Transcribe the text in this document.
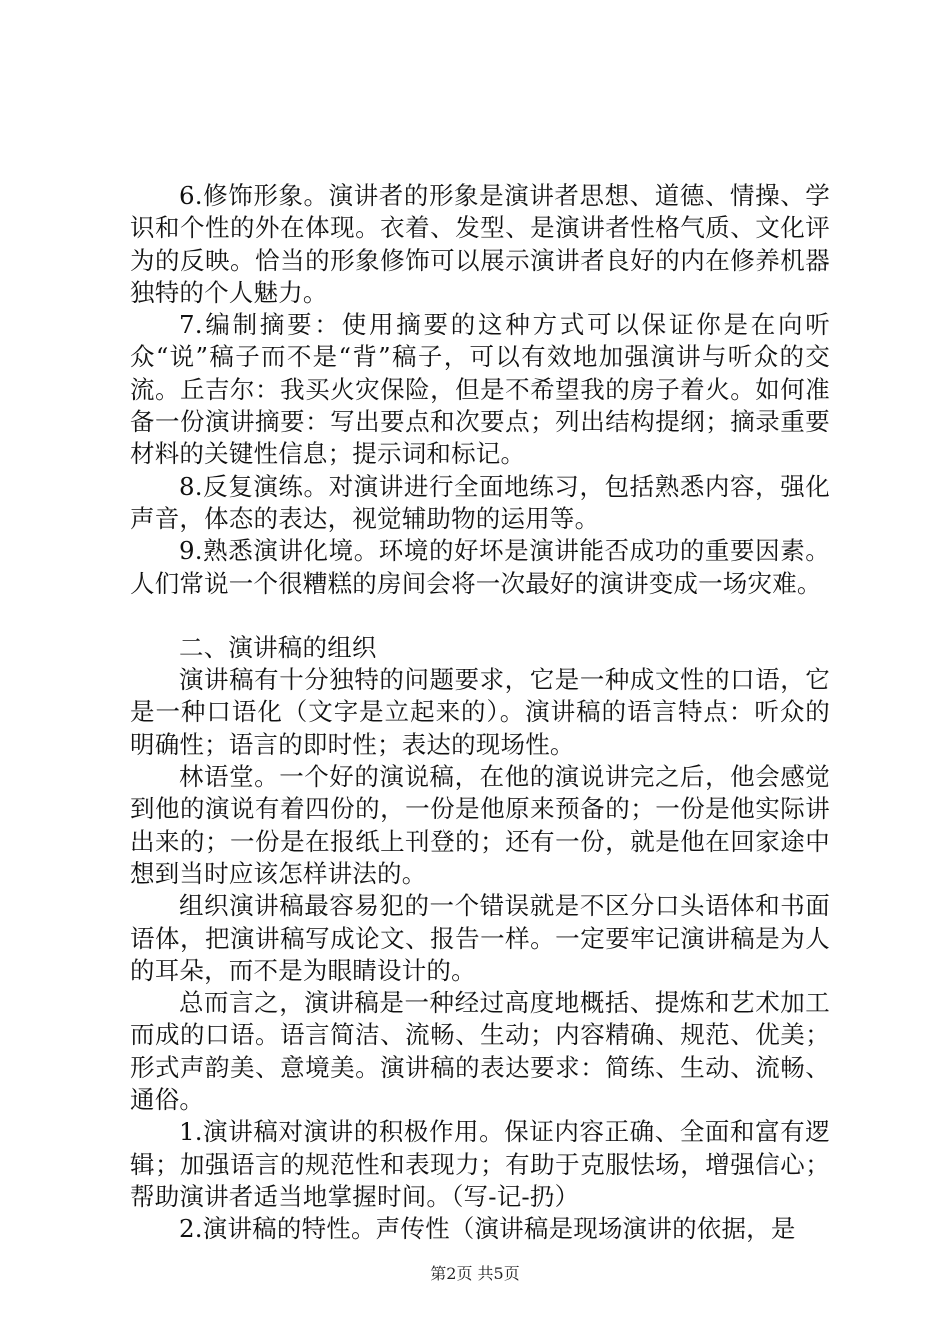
6.修饰形象。演讲者的形象是演讲者思想、道德、情操、学识和个性的外在体现。衣着、发型、是演讲者性格气质、文化评为的反映。恰当的形象修饰可以展示演讲者良好的内在修养机器独特的个人魅力。

7.编制摘要：使用摘要的这种方式可以保证你是在向听众“说”稿子而不是“背”稿子，可以有效地加强演讲与听众的交流。丘吉尔：我买火灾保险，但是不希望我的房子着火。如何准备一份演讲摘要：写出要点和次要点；列出结构提纲；摘录重要材料的关键性信息；提示词和标记。

8.反复演练。对演讲进行全面地练习，包括熟悉内容，强化声音，体态的表达，视觉辅助物的运用等。

9.熟悉演讲化境。环境的好坏是演讲能否成功的重要因素。人们常说一个很糟糕的房间会将一次最好的演讲变成一场灾难。

二、演讲稿的组织

演讲稿有十分独特的问题要求，它是一种成文性的口语，它是一种口语化（文字是立起来的）。演讲稿的语言特点：听众的明确性；语言的即时性；表达的现场性。

林语堂。一个好的演说稿，在他的演说讲完之后，他会感觉到他的演说有着四份的，一份是他原来预备的；一份是他实际讲出来的；一份是在报纸上刊登的；还有一份，就是他在回家途中想到当时应该怎样讲法的。

组织演讲稿最容易犯的一个错误就是不区分口头语体和书面语体，把演讲稿写成论文、报告一样。一定要牢记演讲稿是为人的耳朵，而不是为眼睛设计的。

总而言之，演讲稿是一种经过高度地概括、提炼和艺术加工而成的口语。语言简洁、流畅、生动；内容精确、规范、优美；形式声韵美、意境美。演讲稿的表达要求：简练、生动、流畅、通俗。

1.演讲稿对演讲的积极作用。保证内容正确、全面和富有逻辑；加强语言的规范性和表现力；有助于克服怯场，增强信心；帮助演讲者适当地掌握时间。（写-记-扔）

2.演讲稿的特性。声传性（演讲稿是现场演讲的依据，是

第2页 共5页
